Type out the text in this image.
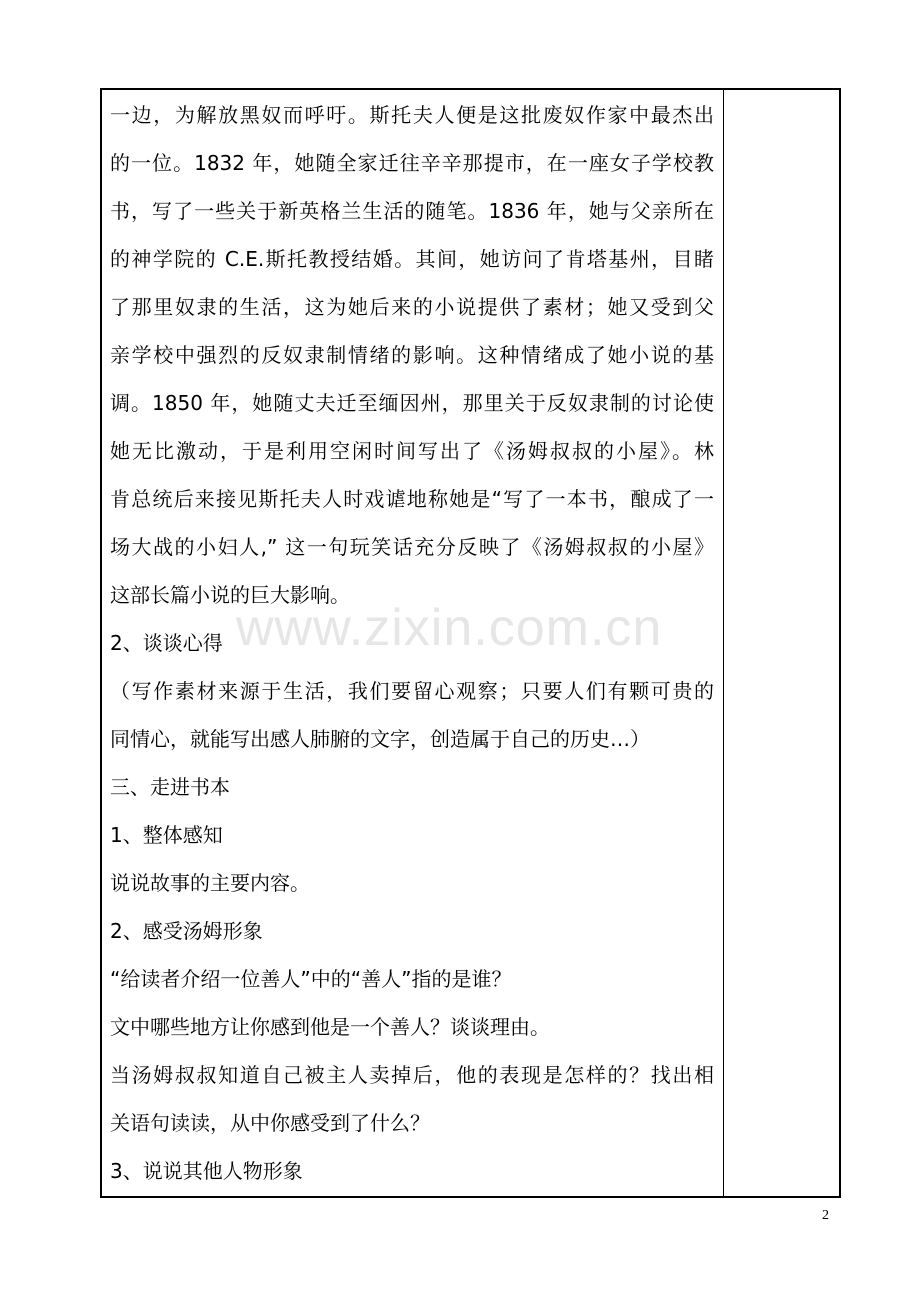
一边，为解放黑奴而呼吁。斯托夫人便是这批废奴作家中最杰出
的一位。1832 年，她随全家迁往辛辛那提市，在一座女子学校教
书，写了一些关于新英格兰生活的随笔。1836 年，她与父亲所在
的神学院的 C.E.斯托教授结婚。其间，她访问了肯塔基州，目睹
了那里奴隶的生活，这为她后来的小说提供了素材；她又受到父
亲学校中强烈的反奴隶制情绪的影响。这种情绪成了她小说的基
调。1850 年，她随丈夫迁至缅因州，那里关于反奴隶制的讨论使
她无比激动，于是利用空闲时间写出了《汤姆叔叔的小屋》。林
肯总统后来接见斯托夫人时戏谑地称她是“写了一本书，酿成了一
场大战的小妇人,” 这一句玩笑话充分反映了《汤姆叔叔的小屋》
这部长篇小说的巨大影响。
2、谈谈心得
（写作素材来源于生活，我们要留心观察；只要人们有颗可贵的
同情心，就能写出感人肺腑的文字，创造属于自己的历史…）
三、走进书本
1、整体感知
说说故事的主要内容。
2、感受汤姆形象
“给读者介绍一位善人”中的“善人”指的是谁？
文中哪些地方让你感到他是一个善人？谈谈理由。
当汤姆叔叔知道自己被主人卖掉后，他的表现是怎样的？找出相
关语句读读，从中你感受到了什么？
3、说说其他人物形象
www.zixin.com.cn
2
